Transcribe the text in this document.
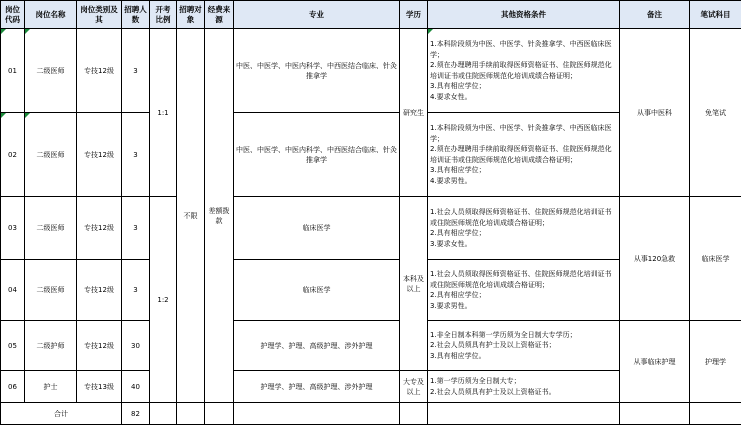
岗位代码	岗位名称	岗位类别及其	招聘人数	开考比例	招聘对象	经费来源	专业	学历	其他资格条件	备注	笔试科目
01	二级医师	专技12级	3	1:1	不限	差额拨款	中医、中医学、中医内科学、中西医结合临床、针灸推拿学	研究生	1.本科阶段须为中医、中医学、针灸推拿学、中西医临床医学；
2.须在办理聘用手续前取得医师资格证书、住院医师规范化培训证书或住院医师规范化培训成绩合格证明；
3.具有相应学位；
4.要求女性。	从事中医科	免笔试
02	二级医师	专技12级	3				中医、中医学、中医内科学、中西医结合临床、针灸推拿学		1.本科阶段须为中医、中医学、针灸推拿学、中西医临床医学；
2.须在办理聘用手续前取得医师资格证书、住院医师规范化培训证书或住院医师规范化培训成绩合格证明；
3.具有相应学位；
4.要求男性。		

03	二级医师	专技12级	3	1:2			临床医学	本科及以上	1.社会人员须取得医师资格证书、住院医师规范化培训证书或住院医师规范化培训成绩合格证明；
2.具有相应学位；
3.要求女性。	从事120急救	临床医学
04	二级医师	专技12级	3				临床医学		1.社会人员须取得医师资格证书、住院医师规范化培训证书或住院医师规范化培训成绩合格证明；
2.具有相应学位；
3.要求男性。		

05	二级护师	专技12级	30				护理学、护理、高级护理、涉外护理		1.非全日制本科第一学历须为全日制大专学历；
2.社会人员须具有护士及以上资格证书；
3.具有相应学位。	从事临床护理	护理学
06	护士	专技13级	40				护理学、护理、高级护理、涉外护理	大专及以上	1.第一学历须为全日制大专；
2.社会人员须具有护士及以上资格证书。		

合计			82								
